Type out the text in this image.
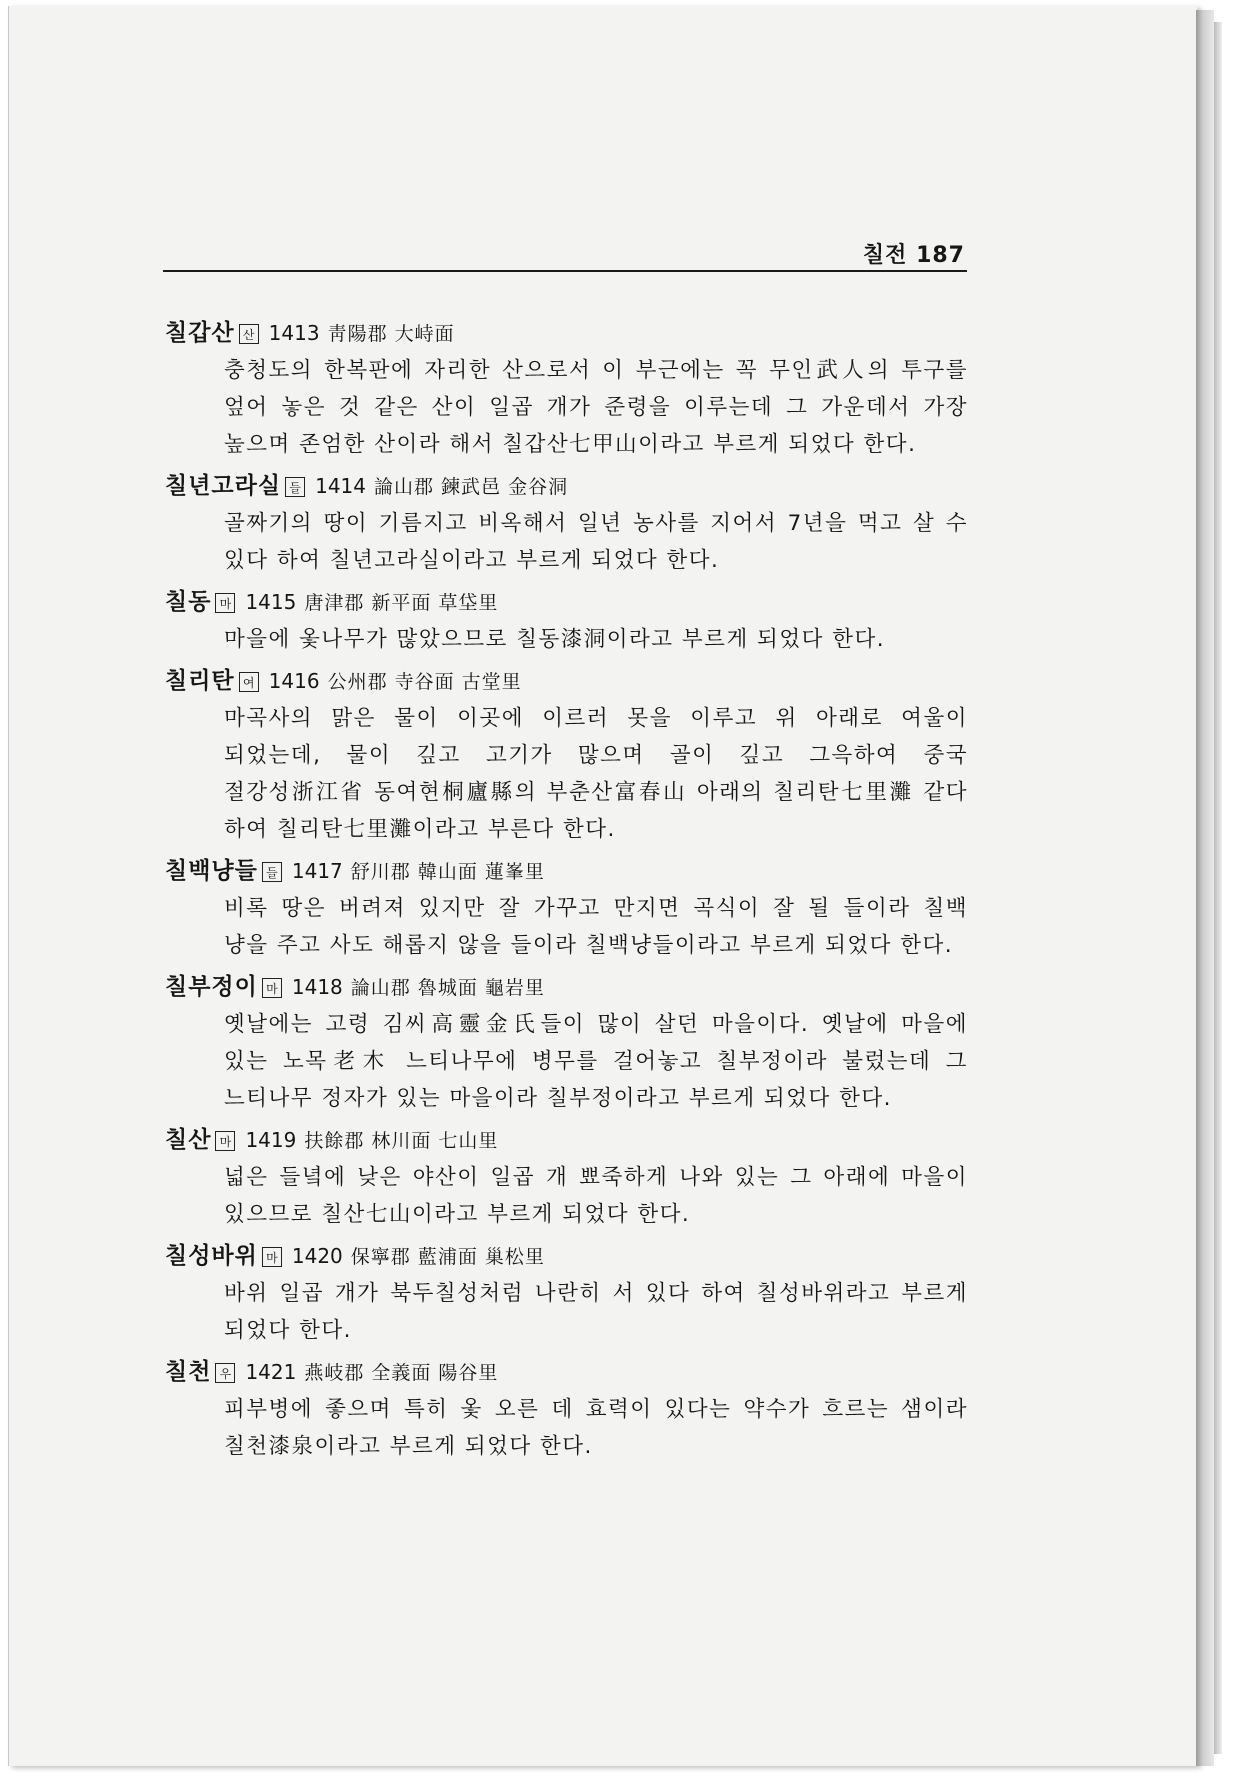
칠전 187
칠갑산 산 1413 靑陽郡 大峙面
충청도의 한복판에 자리한 산으로서 이 부근에는 꼭 무인武人의 투구를 엎어 놓은 것 같은 산이 일곱 개가 준령을 이루는데 그 가운데서 가장 높으며 존엄한 산이라 해서 칠갑산七甲山이라고 부르게 되었다 한다.
칠년고라실 들 1414 論山郡 鍊武邑 金谷洞
골짜기의 땅이 기름지고 비옥해서 일년 농사를 지어서 7년을 먹고 살 수 있다 하여 칠년고라실이라고 부르게 되었다 한다.
칠동 마 1415 唐津郡 新平面 草垈里
마을에 옻나무가 많았으므로 칠동漆洞이라고 부르게 되었다 한다.
칠리탄 여 1416 公州郡 寺谷面 古堂里
마곡사의 맑은 물이 이곳에 이르러 못을 이루고 위 아래로 여울이 되었는데, 물이 깊고 고기가 많으며 골이 깊고 그윽하여 중국 절강성浙江省 동여현桐廬縣의 부춘산富春山 아래의 칠리탄七里灘 같다 하여 칠리탄七里灘이라고 부른다 한다.
칠백냥들 들 1417 舒川郡 韓山面 蓮峯里
비록 땅은 버려져 있지만 잘 가꾸고 만지면 곡식이 잘 될 들이라 칠백 냥을 주고 사도 해롭지 않을 들이라 칠백냥들이라고 부르게 되었다 한다.
칠부정이 마 1418 論山郡 魯城面 龜岩里
옛날에는 고령 김씨高靈金氏들이 많이 살던 마을이다. 옛날에 마을에 있는 노목老木 느티나무에 병무를 걸어놓고 칠부정이라 불렀는데 그 느티나무 정자가 있는 마을이라 칠부정이라고 부르게 되었다 한다.
칠산 마 1419 扶餘郡 林川面 七山里
넓은 들녘에 낮은 야산이 일곱 개 뾰죽하게 나와 있는 그 아래에 마을이 있으므로 칠산七山이라고 부르게 되었다 한다.
칠성바위 마 1420 保寧郡 藍浦面 巢松里
바위 일곱 개가 북두칠성처럼 나란히 서 있다 하여 칠성바위라고 부르게 되었다 한다.
칠천 우 1421 燕岐郡 全義面 陽谷里
피부병에 좋으며 특히 옻 오른 데 효력이 있다는 약수가 흐르는 샘이라 칠천漆泉이라고 부르게 되었다 한다.
